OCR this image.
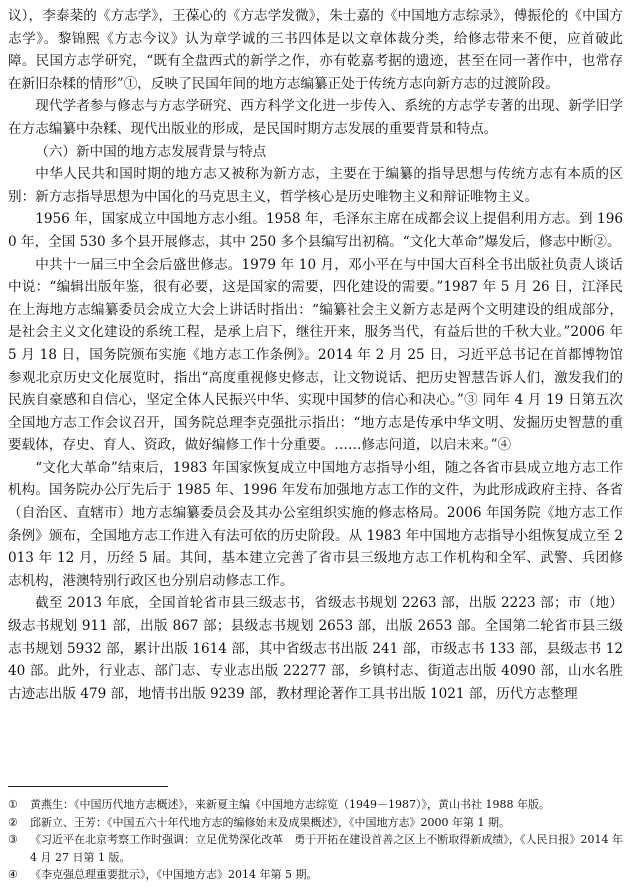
议），李泰棻的《方志学》，王葆心的《方志学发微》，朱士嘉的《中国地方志综录》，傅振伦的《中国方志学》。黎锦熙《方志今议》认为章学诚的三书四体是以文章体裁分类，给修志带来不便，应首破此障。民国方志学研究，“既有全盘西式的新学之作，亦有乾嘉考据的遗迹，甚至在同一著作中，也常存在新旧杂糅的情形”①，反映了民国年间的地方志编纂正处于传统方志向新方志的过渡阶段。

现代学者参与修志与方志学研究、西方科学文化进一步传入、系统的方志学专著的出现、新学旧学在方志编纂中杂糅、现代出版业的形成，是民国时期方志发展的重要背景和特点。

（六）新中国的地方志发展背景与特点

中华人民共和国时期的地方志又被称为新方志，主要在于编纂的指导思想与传统方志有本质的区别：新方志指导思想为中国化的马克思主义，哲学核心是历史唯物主义和辩证唯物主义。

1956 年，国家成立中国地方志小组。1958 年，毛泽东主席在成都会议上提倡利用方志。到 1960 年，全国 530 多个县开展修志，其中 250 多个县编写出初稿。“文化大革命”爆发后，修志中断②。

中共十一届三中全会后盛世修志。1979 年 10 月，邓小平在与中国大百科全书出版社负责人谈话中说：“编辑出版年鉴，很有必要，这是国家的需要，四化建设的需要。”1987 年 5 月 26 日，江泽民在上海地方志编纂委员会成立大会上讲话时指出：“编纂社会主义新方志是两个文明建设的组成部分，是社会主义文化建设的系统工程，是承上启下，继往开来，服务当代，有益后世的千秋大业。”2006 年 5 月 18 日，国务院颁布实施《地方志工作条例》。2014 年 2 月 25 日，习近平总书记在首都博物馆参观北京历史文化展览时，指出“高度重视修史修志，让文物说话、把历史智慧告诉人们，激发我们的民族自豪感和自信心，坚定全体人民振兴中华、实现中国梦的信心和决心。”③ 同年 4 月 19 日第五次全国地方志工作会议召开，国务院总理李克强批示指出：“地方志是传承中华文明、发掘历史智慧的重要载体，存史、育人、资政，做好编修工作十分重要。……修志问道，以启未来。”④

“文化大革命”结束后，1983 年国家恢复成立中国地方志指导小组，随之各省市县成立地方志工作机构。国务院办公厅先后于 1985 年、1996 年发布加强地方志工作的文件，为此形成政府主持、各省（自治区、直辖市）地方志编纂委员会及其办公室组织实施的修志格局。2006 年国务院《地方志工作条例》颁布，全国地方志工作进入有法可依的历史阶段。从 1983 年中国地方志指导小组恢复成立至 2013 年 12 月，历经 5 届。其间，基本建立完善了省市县三级地方志工作机构和全军、武警、兵团修志机构，港澳特别行政区也分别启动修志工作。

截至 2013 年底，全国首轮省市县三级志书，省级志书规划 2263 部，出版 2223 部；市（地）级志书规划 911 部，出版 867 部；县级志书规划 2653 部，出版 2653 部。全国第二轮省市县三级志书规划 5932 部，累计出版 1614 部，其中省级志书出版 241 部，市级志书 133 部，县级志书 1240 部。此外，行业志、部门志、专业志出版 22277 部，乡镇村志、街道志出版 4090 部，山水名胜古迹志出版 479 部，地情书出版 9239 部，教材理论著作工具书出版 1021 部，历代方志整理

①	黄燕生：《中国历代地方志概述》，来新夏主编《中国地方志综览（1949－1987）》，黄山书社 1988 年版。
②	邱新立、王芳：《中国五六十年代地方志的编修始末及成果概述》，《中国地方志》2000 年第 1 期。
③	《习近平在北京考察工作时强调：立足优势深化改革　勇于开拓在建设首善之区上不断取得新成绩》，《人民日报》2014 年 4 月 27 日第 1 版。
④	《李克强总理重要批示》，《中国地方志》2014 年第 5 期。
